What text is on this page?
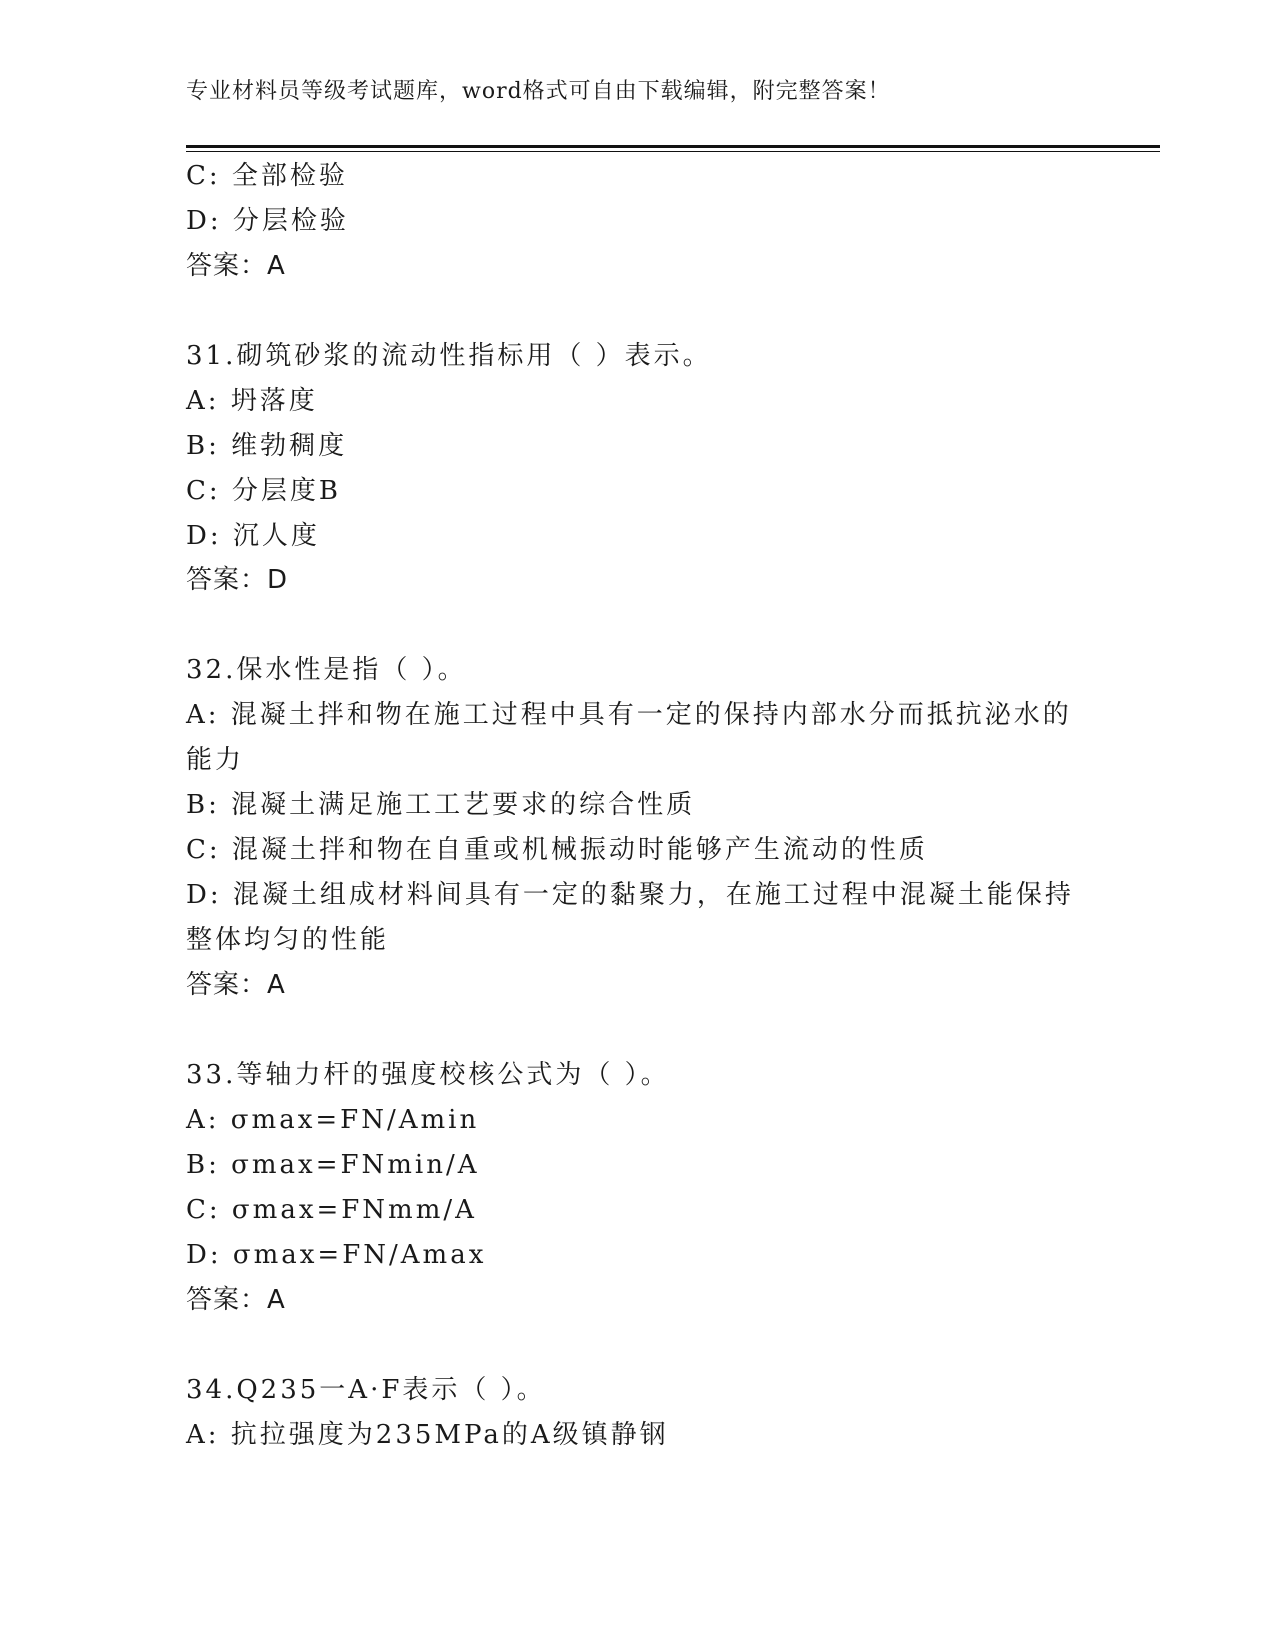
专业材料员等级考试题库，word格式可自由下载编辑，附完整答案！
C: 全部检验
D: 分层检验
答案：A
31.砌筑砂浆的流动性指标用（ ）表示。
A: 坍落度
B: 维勃稠度
C: 分层度B
D: 沉人度
答案：D
32.保水性是指（ ）。
A: 混凝土拌和物在施工过程中具有一定的保持内部水分而抵抗泌水的
能力
B: 混凝土满足施工工艺要求的综合性质
C: 混凝土拌和物在自重或机械振动时能够产生流动的性质
D: 混凝土组成材料间具有一定的黏聚力，在施工过程中混凝土能保持
整体均匀的性能
答案：A
33.等轴力杆的强度校核公式为（ ）。
A: σmax=FN/Amin
B: σmax=FNmin/A
C: σmax=FNmm/A
D: σmax=FN/Amax
答案：A
34.Q235一A·F表示（ ）。
A: 抗拉强度为235MPa的A级镇静钢
